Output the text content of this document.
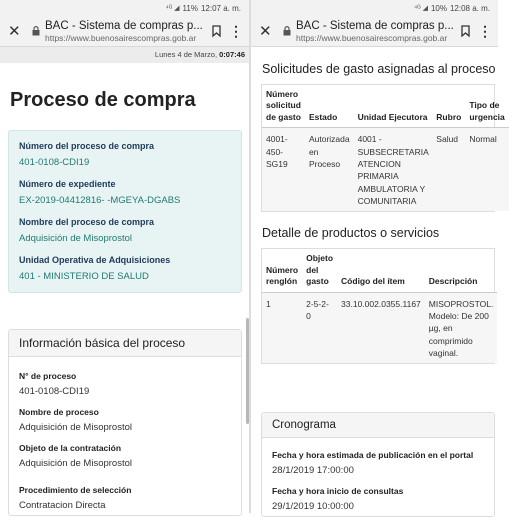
⁴ᴳ ◢ 11% 12:07 a. m.
✕ BAC - Sistema de compras p...
https://www.buenosairescompras.gob.ar	⋮
Lunes 4 de Marzo, 0:07:46
Proceso de compra
Número del proceso de compra
401-0108-CDI19
Número de expediente
EX-2019-04412816- -MGEYA-DGABS
Nombre del proceso de compra
Adquisición de Misoprostol
Unidad Operativa de Adquisiciones
401 - MINISTERIO DE SALUD
Información básica del proceso
N° de proceso
401-0108-CDI19
Nombre de proceso
Adquisición de Misoprostol
Objeto de la contratación
Adquisición de Misoprostol
Procedimiento de selección
Contratacion Directa
⁴ᴳ ◢ 10% 12:08 a. m.
✕ BAC - Sistema de compras p...
https://www.buenosairescompras.gob.ar	⋮
Solicitudes de gasto asignadas al proceso
Número solicitud de gasto	Estado	Unidad Ejecutora	Rubro	Tipo de urgencia
4001-450-SG19	Autorizada en Proceso	4001 - SUBSECRETARIA ATENCION PRIMARIA AMBULATORIA Y COMUNITARIA	Salud	Normal
Detalle de productos o servicios
Número renglón	Objeto del gasto	Código del ítem	Descripción
1	2-5-2-0	33.10.002.0355.1167	MISOPROSTOL. Modelo: De 200 µg, en comprimido vaginal.
Cronograma
Fecha y hora estimada de publicación en el portal
28/1/2019 17:00:00
Fecha y hora inicio de consultas
29/1/2019 10:00:00
